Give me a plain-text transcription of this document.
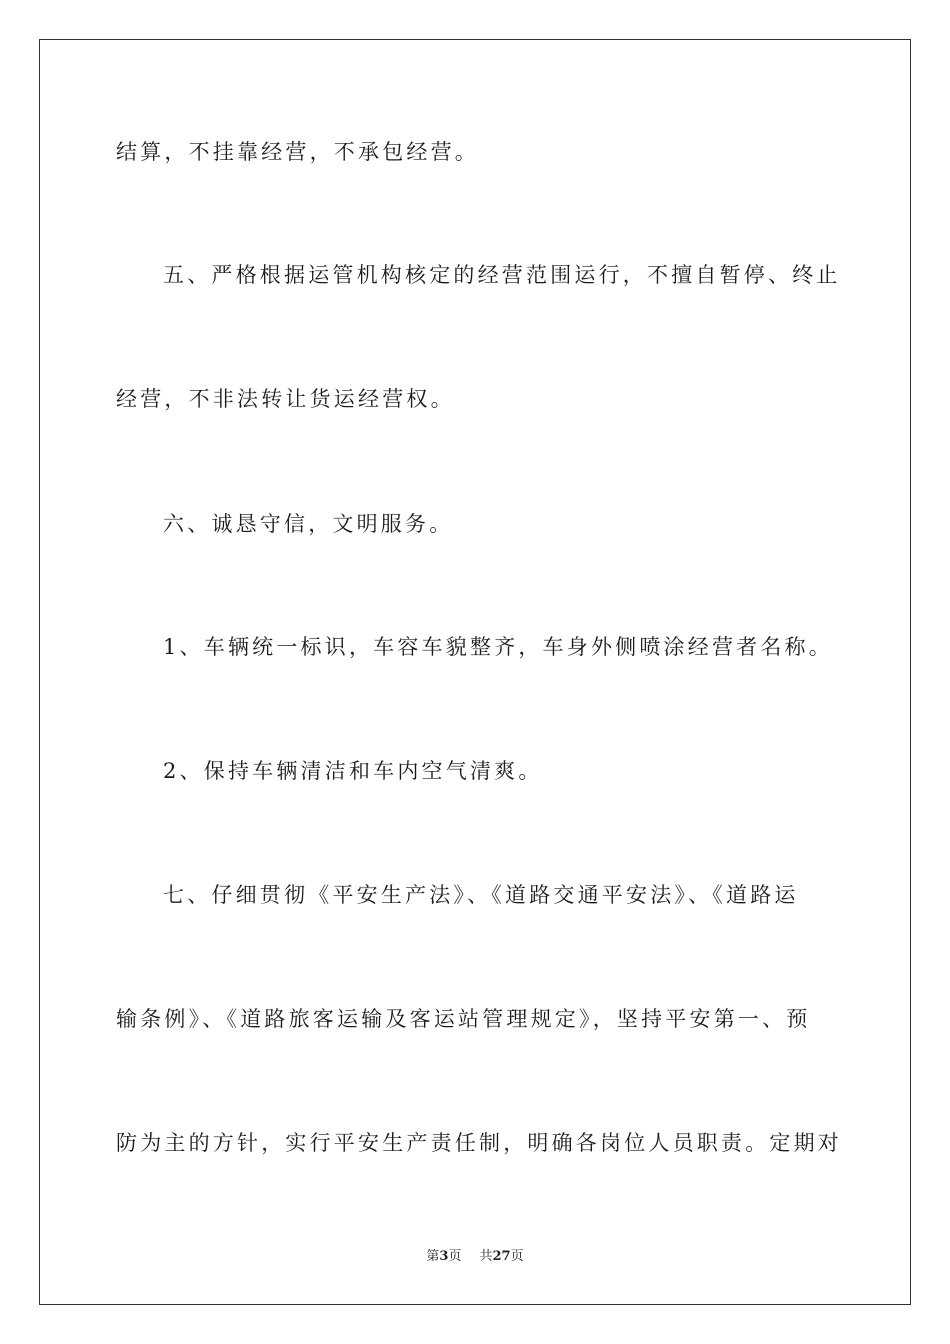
结算，不挂靠经营，不承包经营。
五、严格根据运管机构核定的经营范围运行，不擅自暂停、终止
经营，不非法转让货运经营权。
六、诚恳守信，文明服务。
1、车辆统一标识，车容车貌整齐，车身外侧喷涂经营者名称。
2、保持车辆清洁和车内空气清爽。
七、仔细贯彻《平安生产法》、《道路交通平安法》、《道路运
输条例》、《道路旅客运输及客运站管理规定》，坚持平安第一、预
防为主的方针，实行平安生产责任制，明确各岗位人员职责。定期对
第3页 共27页
